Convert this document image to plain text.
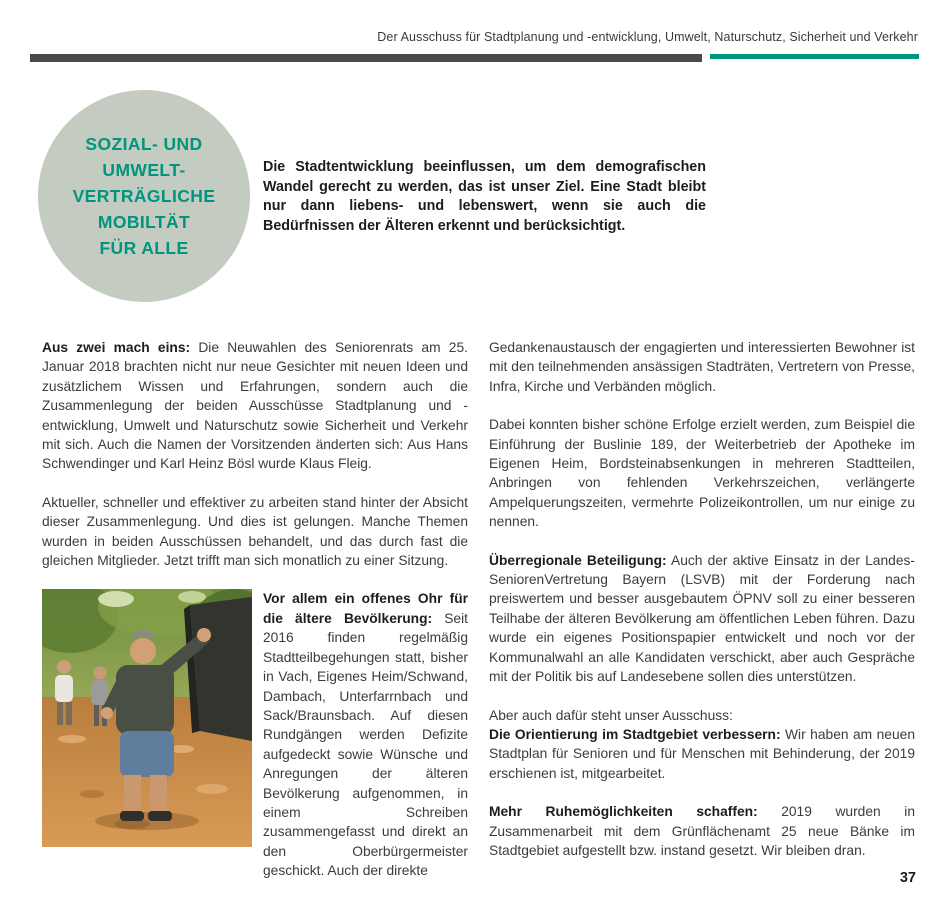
Der Ausschuss für Stadtplanung und -entwicklung, Umwelt, Naturschutz, Sicherheit und Verkehr
SOZIAL- UND
UMWELT-
VERTRÄGLICHE
MOBILTÄT
FÜR ALLE

Die Stadtentwicklung beeinflussen, um dem demografischen Wandel gerecht zu werden, das ist unser Ziel. Eine Stadt bleibt nur dann liebens- und lebenswert, wenn sie auch die Bedürfnissen der Älteren erkennt und berücksichtigt.

Aus zwei mach eins: Die Neuwahlen des Seniorenrats am 25. Januar 2018 brachten nicht nur neue Gesichter mit neuen Ideen und zusätzlichem Wissen und Erfahrungen, sondern auch die Zusammenlegung der beiden Ausschüsse Stadtplanung und -entwicklung, Umwelt und Naturschutz sowie Sicherheit und Verkehr mit sich. Auch die Namen der Vorsitzenden änderten sich: Aus Hans Schwendinger und Karl Heinz Bösl wurde Klaus Fleig.

Aktueller, schneller und effektiver zu arbeiten stand hinter der Absicht dieser Zusammenlegung. Und dies ist gelungen. Manche Themen wurden in beiden Ausschüssen behandelt, und das durch fast die gleichen Mitglieder. Jetzt trifft man sich monatlich zu einer Sitzung.

Vor allem ein offenes Ohr für die ältere Bevölkerung: Seit 2016 finden regelmäßig Stadtteilbegehungen statt, bisher in Vach, Eigenes Heim/Schwand, Dambach, Unterfarrnbach und Sack/Braunsbach. Auf diesen Rundgängen werden Defizite aufgedeckt sowie Wünsche und Anregungen der älteren Bevölkerung aufgenommen, in einem Schreiben zusammengefasst und direkt an den Oberbürgermeister geschickt. Auch der direkte

Gedankenaustausch der engagierten und interessierten Bewohner ist mit den teilnehmenden ansässigen Stadträten, Vertretern von Presse, Infra, Kirche und Verbänden möglich.

Dabei konnten bisher schöne Erfolge erzielt werden, zum Beispiel die Einführung der Buslinie 189, der Weiterbetrieb der Apotheke im Eigenen Heim, Bordsteinabsenkungen in mehreren Stadtteilen, Anbringen von fehlenden Verkehrszeichen, verlängerte Ampelquerungszeiten, vermehrte Polizeikontrollen, um nur einige zu nennen.

Überregionale Beteiligung: Auch der aktive Einsatz in der Landes-SeniorenVertretung Bayern (LSVB) mit der Forderung nach preiswertem und besser ausgebautem ÖPNV soll zu einer besseren Teilhabe der älteren Bevölkerung am öffentlichen Leben führen. Dazu wurde ein eigenes Positionspapier entwickelt und noch vor der Kommunalwahl an alle Kandidaten verschickt, aber auch Gespräche mit der Politik bis auf Landesebene sollen dies unterstützen.

Aber auch dafür steht unser Ausschuss:

Die Orientierung im Stadtgebiet verbessern: Wir haben am neuen Stadtplan für Senioren und für Menschen mit Behinderung, der 2019 erschienen ist, mitgearbeitet.

Mehr Ruhemöglichkeiten schaffen: 2019 wurden in Zusammenarbeit mit dem Grünflächenamt 25 neue Bänke im Stadtgebiet aufgestellt bzw. instand gesetzt. Wir bleiben dran.

37
